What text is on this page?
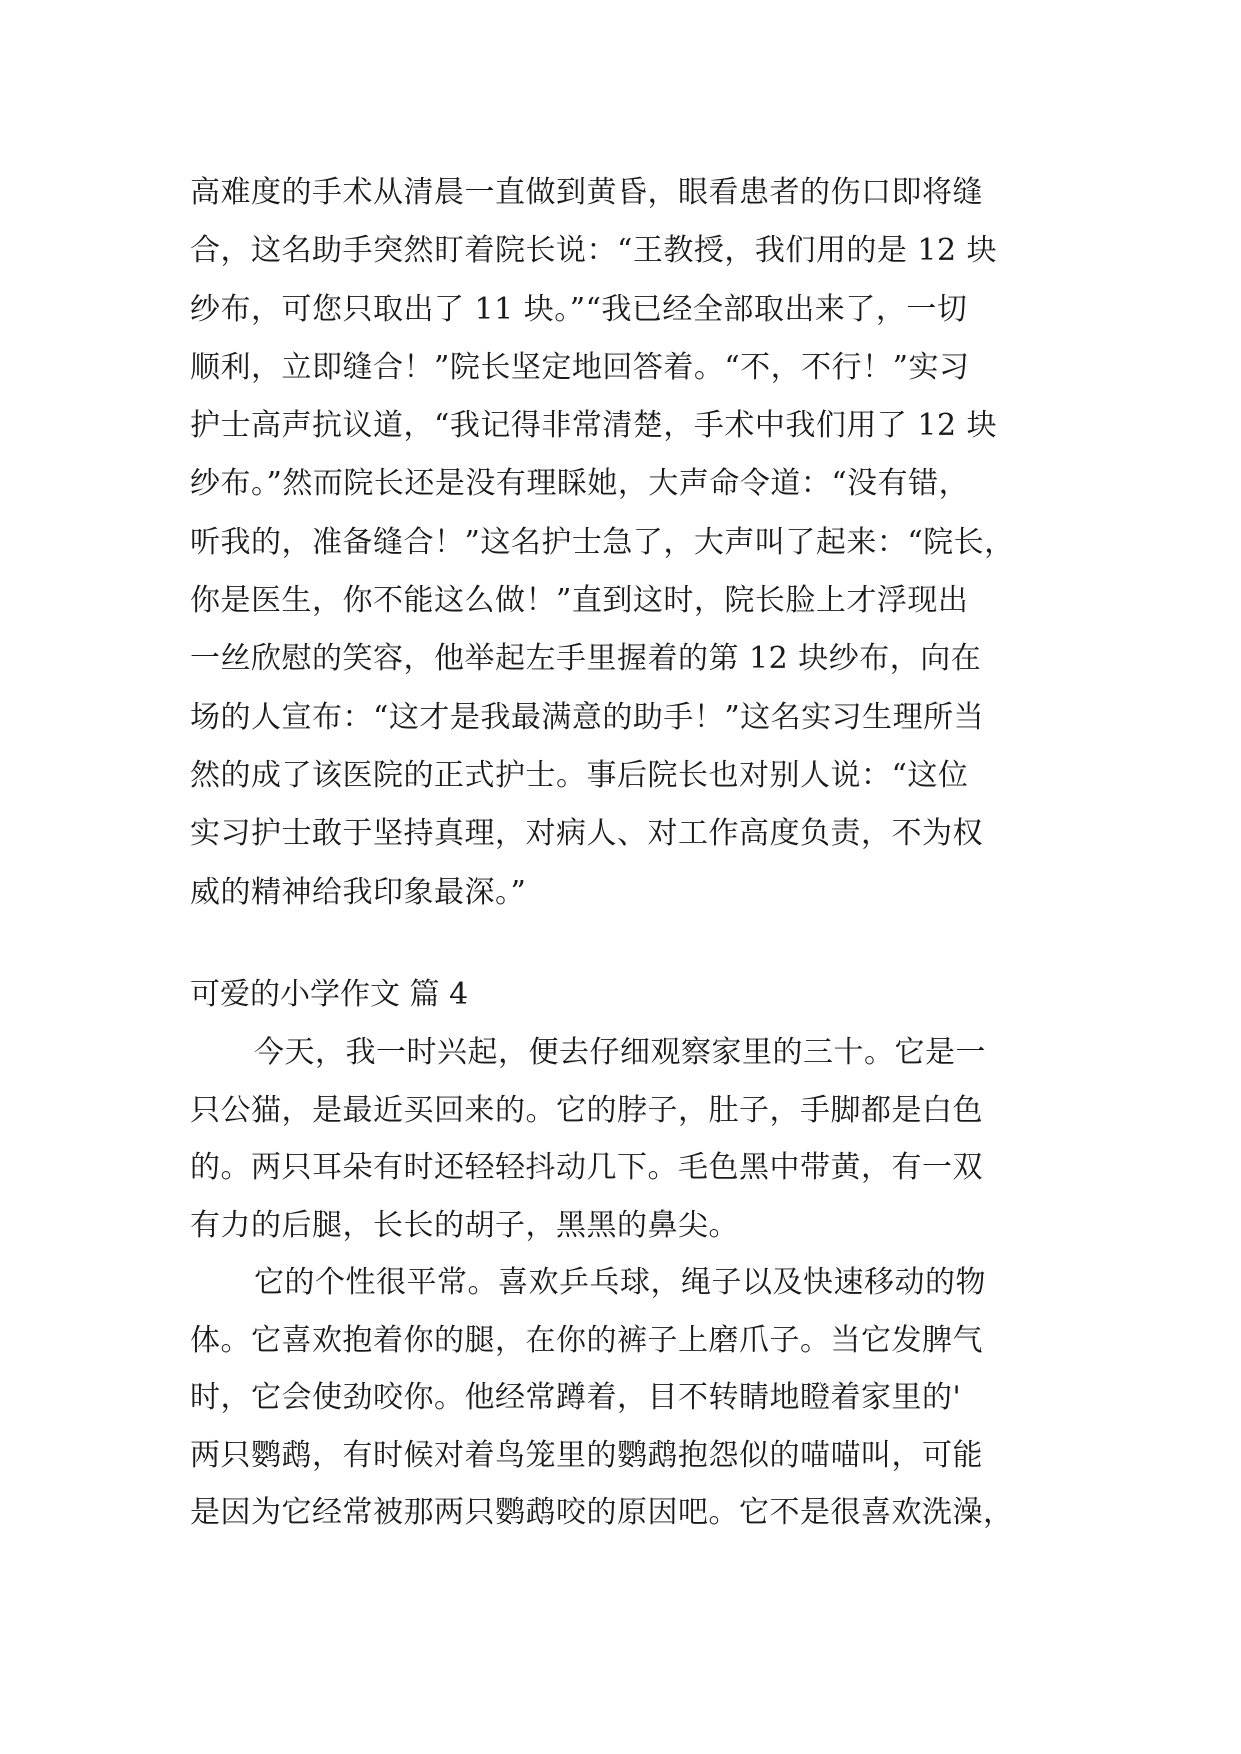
高难度的手术从清晨一直做到黄昏，眼看患者的伤口即将缝
合，这名助手突然盯着院长说：“王教授，我们用的是 12 块
纱布，可您只取出了 11 块。”“我已经全部取出来了，一切
顺利，立即缝合！”院长坚定地回答着。“不，不行！”实习
护士高声抗议道，“我记得非常清楚，手术中我们用了 12 块
纱布。”然而院长还是没有理睬她，大声命令道：“没有错，
听我的，准备缝合！”这名护士急了，大声叫了起来：“院长，
你是医生，你不能这么做！”直到这时，院长脸上才浮现出
一丝欣慰的笑容，他举起左手里握着的第 12 块纱布，向在
场的人宣布：“这才是我最满意的助手！”这名实习生理所当
然的成了该医院的正式护士。事后院长也对别人说：“这位
实习护士敢于坚持真理，对病人、对工作高度负责，不为权
威的精神给我印象最深。”
可爱的小学作文 篇 4
今天，我一时兴起，便去仔细观察家里的三十。它是一
只公猫，是最近买回来的。它的脖子，肚子，手脚都是白色
的。两只耳朵有时还轻轻抖动几下。毛色黑中带黄，有一双
有力的后腿，长长的胡子，黑黑的鼻尖。
它的个性很平常。喜欢乒乓球，绳子以及快速移动的物
体。它喜欢抱着你的腿，在你的裤子上磨爪子。当它发脾气
时，它会使劲咬你。他经常蹲着，目不转睛地瞪着家里的'
两只鹦鹉，有时候对着鸟笼里的鹦鹉抱怨似的喵喵叫，可能
是因为它经常被那两只鹦鹉咬的原因吧。它不是很喜欢洗澡，
